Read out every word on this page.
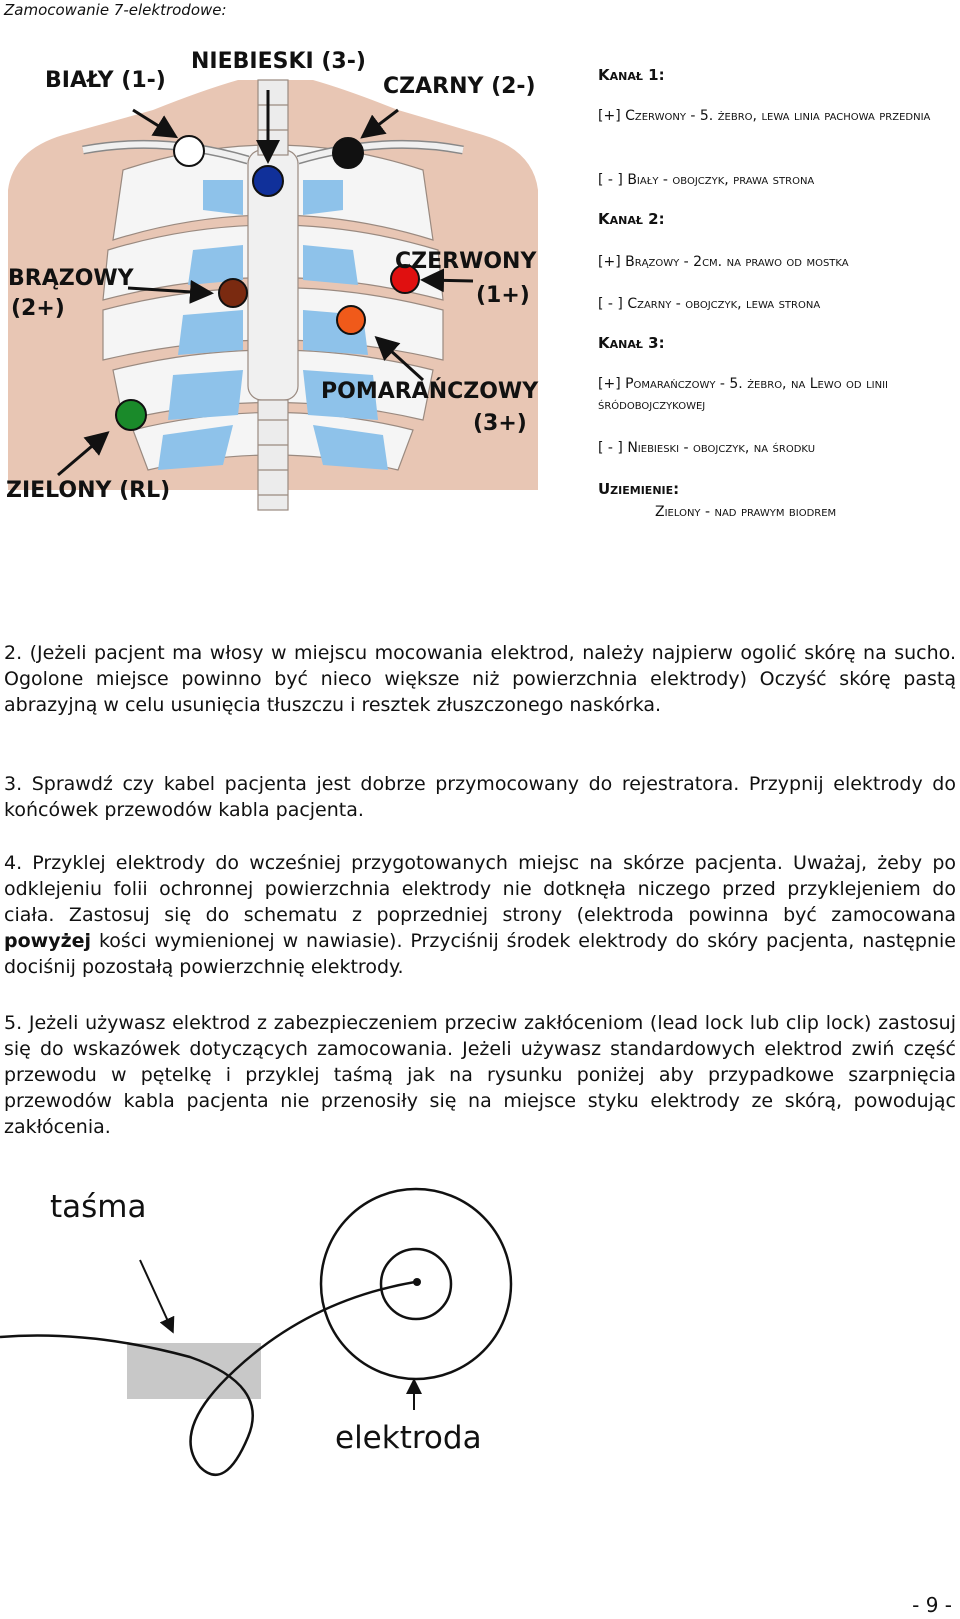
Zamocowanie 7-elektrodowe:
BIAŁY (1-)
NIEBIESKI (3-)
CZARNY (2-)
BRĄZOWY
(2+)
CZERWONY
(1+)
POMARAŃCZOWY
(3+)
ZIELONY (RL)
Kanał 1:
[+] Czerwony - 5. żebro, lewa linia pachowa przednia
[ - ] Biały - obojczyk, prawa strona
Kanał 2:
[+] Brązowy - 2cm. na prawo od mostka
[ - ] Czarny - obojczyk, lewa strona
Kanał 3:
[+] Pomarańczowy - 5. żebro, na Lewo od linii śródobojczykowej
[ - ] Niebieski - obojczyk, na środku
Uziemienie:
Zielony - nad prawym biodrem

2. (Jeżeli pacjent ma włosy w miejscu mocowania elektrod, należy najpierw ogolić skórę na sucho. Ogolone miejsce powinno być nieco większe niż powierzchnia elektrody) Oczyść skórę pastą abrazyjną w celu usunięcia tłuszczu i resztek złuszczonego naskórka.

3. Sprawdź czy kabel pacjenta jest dobrze przymocowany do rejestratora. Przypnij elektrody do końcówek przewodów kabla pacjenta.

4. Przyklej elektrody do wcześniej przygotowanych miejsc na skórze pacjenta. Uważaj, żeby po odklejeniu folii ochronnej powierzchnia elektrody nie dotknęła niczego przed przyklejeniem do ciała. Zastosuj się do schematu z poprzedniej strony (elektroda powinna być zamocowana powyżej kości wymienionej w nawiasie). Przyciśnij środek elektrody do skóry pacjenta, następnie dociśnij pozostałą powierzchnię elektrody.

5. Jeżeli używasz elektrod z zabezpieczeniem przeciw zakłóceniom (lead lock lub clip lock) zastosuj się do wskazówek dotyczących zamocowania. Jeżeli używasz standardowych elektrod zwiń część przewodu w pętelkę i przyklej taśmą jak na rysunku poniżej aby przypadkowe szarpnięcia przewodów kabla pacjenta nie przenosiły się na miejsce styku elektrody ze skórą, powodując zakłócenia.

taśma
elektroda
- 9 -
